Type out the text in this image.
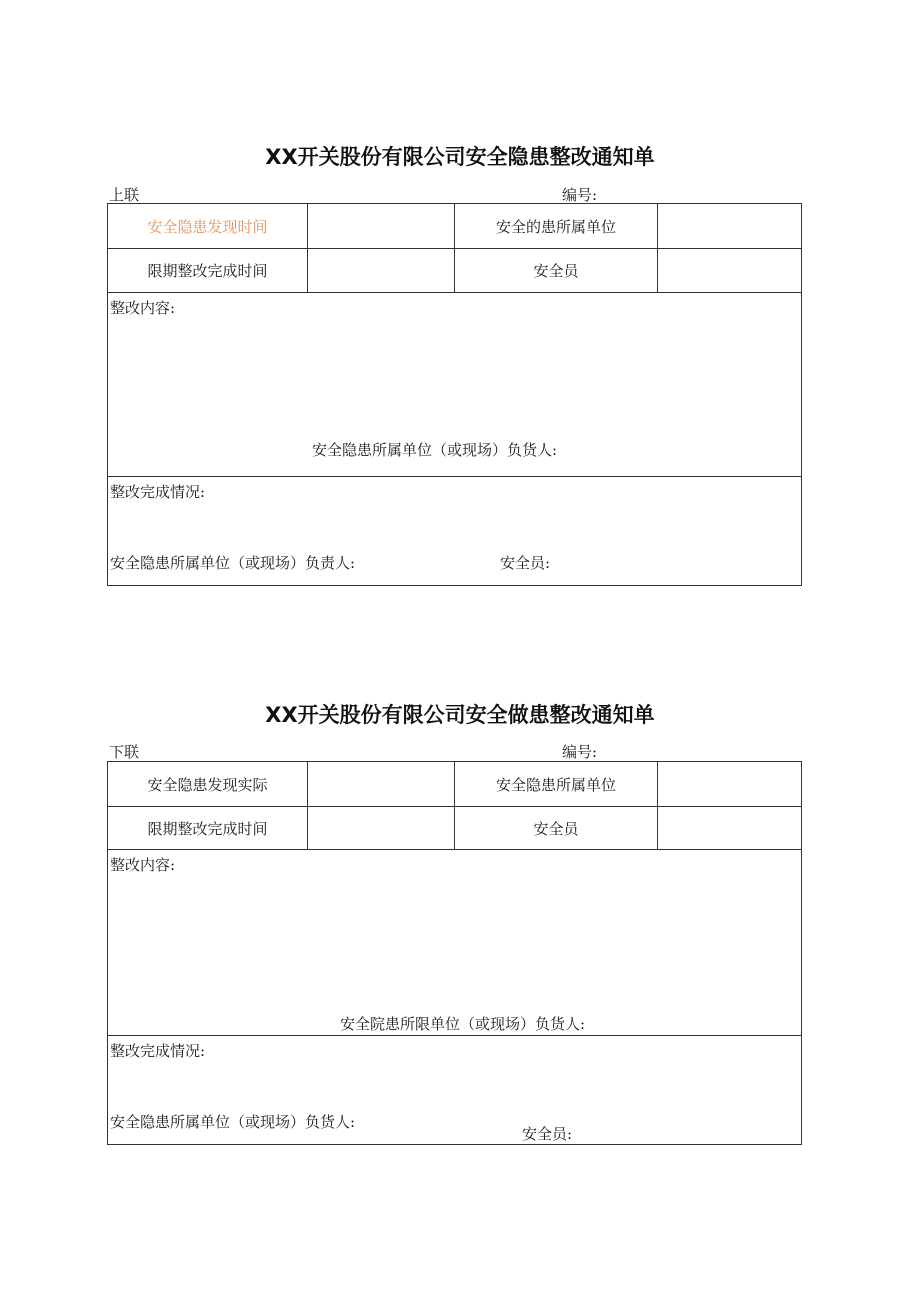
XX开关股份有限公司安全隐患整改通知单
上联	编号:
安全隐患发现时间		安全的患所属单位	
限期整改完成时间		安全员	

整改内容:
安全隐患所属单位（或现场）负货人:			

整改完成情况:
安全隐患所属单位（或现场）负责人: 安全员:			
XX开关股份有限公司安全做患整改通知单
下联	编号:
安全隐患发现实际		安全隐患所属单位	
限期整改完成时间		安全员	

整改内容:
安全院患所限单位（或现场）负货人:			

整改完成情况:
安全隐患所属单位（或现场）负货人:
安全员:			
